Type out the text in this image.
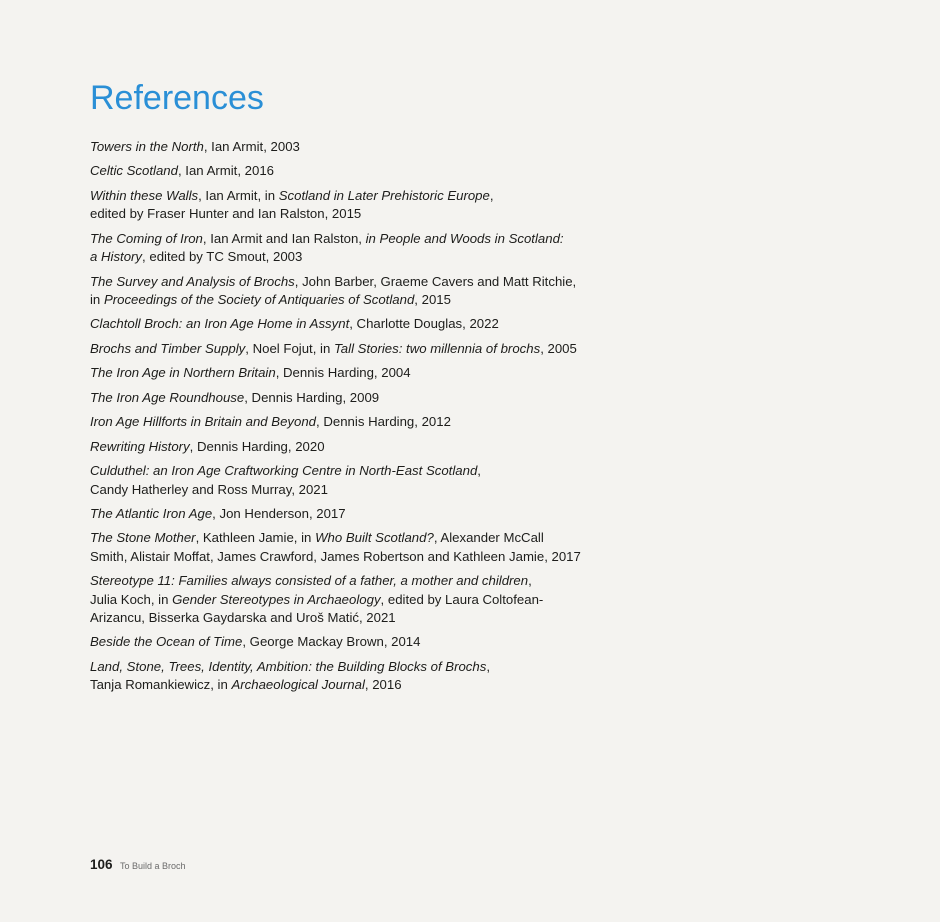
References
Towers in the North, Ian Armit, 2003
Celtic Scotland, Ian Armit, 2016
Within these Walls, Ian Armit, in Scotland in Later Prehistoric Europe,
edited by Fraser Hunter and Ian Ralston, 2015
The Coming of Iron, Ian Armit and Ian Ralston, in People and Woods in Scotland:
a History, edited by TC Smout, 2003
The Survey and Analysis of Brochs, John Barber, Graeme Cavers and Matt Ritchie,
in Proceedings of the Society of Antiquaries of Scotland, 2015
Clachtoll Broch: an Iron Age Home in Assynt, Charlotte Douglas, 2022
Brochs and Timber Supply, Noel Fojut, in Tall Stories: two millennia of brochs, 2005
The Iron Age in Northern Britain, Dennis Harding, 2004
The Iron Age Roundhouse, Dennis Harding, 2009
Iron Age Hillforts in Britain and Beyond, Dennis Harding, 2012
Rewriting History, Dennis Harding, 2020
Culduthel: an Iron Age Craftworking Centre in North-East Scotland,
Candy Hatherley and Ross Murray, 2021
The Atlantic Iron Age, Jon Henderson, 2017
The Stone Mother, Kathleen Jamie, in Who Built Scotland?, Alexander McCall
Smith, Alistair Moffat, James Crawford, James Robertson and Kathleen Jamie, 2017
Stereotype 11: Families always consisted of a father, a mother and children,
Julia Koch, in Gender Stereotypes in Archaeology, edited by Laura Coltofean-
Arizancu, Bisserka Gaydarska and Uroš Matić, 2021
Beside the Ocean of Time, George Mackay Brown, 2014
Land, Stone, Trees, Identity, Ambition: the Building Blocks of Brochs,
Tanja Romankiewicz, in Archaeological Journal, 2016
106 To Build a Broch
